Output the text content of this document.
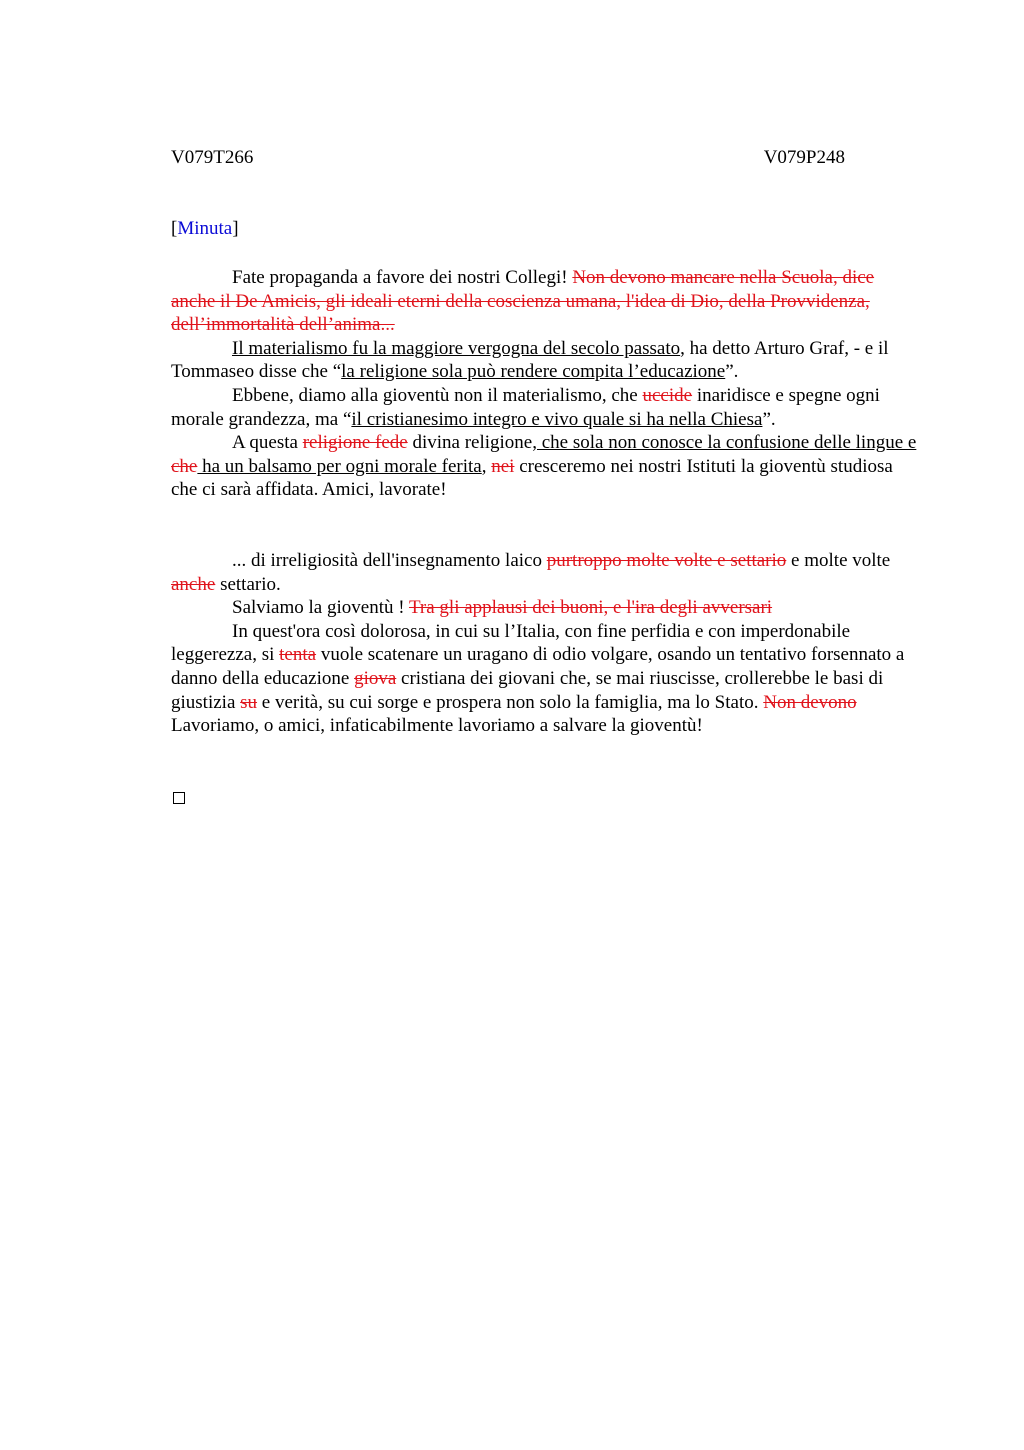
V079T266	V079P248
[Minuta]

Fate propaganda a favore dei nostri Collegi! Non devono mancare nella Scuola, dice anche il De Amicis, gli ideali eterni della coscienza umana, l'idea di Dio, della Provvidenza, dell’immortalità dell’anima...

Il materialismo fu la maggiore vergogna del secolo passato, ha detto Arturo Graf, - e il Tommaseo disse che “la religione sola può rendere compita l’educazione”.

Ebbene, diamo alla gioventù non il materialismo, che uccide inaridisce e spegne ogni morale grandezza, ma “il cristianesimo integro e vivo quale si ha nella Chiesa”.

A questa religione fede divina religione, che sola non conosce la confusione delle lingue e che ha un balsamo per ogni morale ferita, nei cresceremo nei nostri Istituti la gioventù studiosa che ci sarà affidata. Amici, lavorate!

... di irreligiosità dell'insegnamento laico purtroppo molte volte e settario e molte volte anche settario.

Salviamo la gioventù ! Tra gli applausi dei buoni, e l'ira degli avversari

In quest'ora così dolorosa, in cui su l’Italia, con fine perfidia e con imperdonabile leggerezza, si tenta vuole scatenare un uragano di odio volgare, osando un tentativo forsennato a danno della educazione giova cristiana dei giovani che, se mai riuscisse, crollerebbe le basi di giustizia su e verità, su cui sorge e prospera non solo la famiglia, ma lo Stato. Non devono Lavoriamo, o amici, infaticabilmente lavoriamo a salvare la gioventù!
